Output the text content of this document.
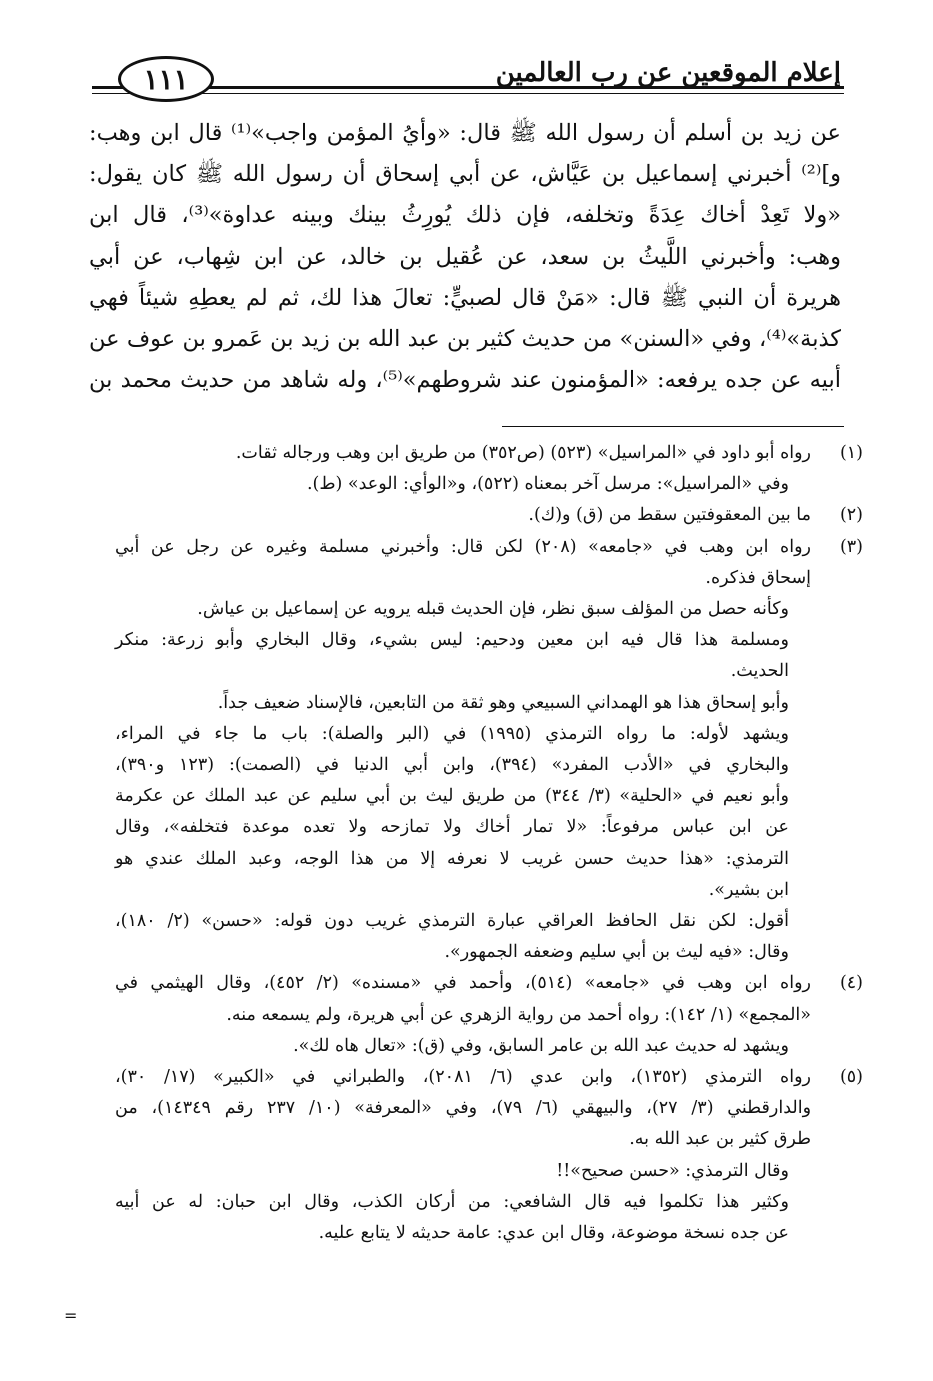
إعلام الموقعين عن رب العالمين
١١١
عن زيد بن أسلم أن رسول الله ﷺ قال: «وأيُ المؤمن واجب»⁽¹⁾ قال ابن وهب:
و]⁽²⁾ أخبرني إسماعيل بن عَيَّاش، عن أبي إسحاق أن رسول الله ﷺ كان يقول:
«ولا تَعِدْ أخاك عِدَةً وتخلفه، فإن ذلك يُورِثُ بينك وبينه عداوة»⁽³⁾، قال ابن
وهب: وأخبرني اللَّيثُ بن سعد، عن عُقيل بن خالد، عن ابن شِهاب، عن أبي
هريرة أن النبي ﷺ قال: «مَنْ قال لصبيٍّ: تعالَ هذا لك، ثم لم يعطِهِ شيئاً فهي
كذبة»⁽⁴⁾، وفي «السنن» من حديث كثير بن عبد الله بن زيد بن عَمرو بن عوف عن
أبيه عن جده يرفعه: «المؤمنون عند شروطهم»⁽⁵⁾، وله شاهد من حديث محمد بن
(١)
رواه أبو داود في «المراسيل» (٥٢٣) (ص٣٥٢) من طريق ابن وهب ورجاله ثقات.
وفي «المراسيل»: مرسل آخر بمعناه (٥٢٢)، و«الوأي: الوعد» (ط).
(٢)
ما بين المعقوفتين سقط من (ق) و(ك).
(٣)
رواه ابن وهب في «جامعه» (٢٠٨) لكن قال: وأخبرني مسلمة وغيره عن رجل عن أبي
إسحاق فذكره.
وكأنه حصل من المؤلف سبق نظر، فإن الحديث قبله يرويه عن إسماعيل بن عياش.
ومسلمة هذا قال فيه ابن معين ودحيم: ليس بشيء، وقال البخاري وأبو زرعة: منكر
الحديث.
وأبو إسحاق هذا هو الهمداني السبيعي وهو ثقة من التابعين، فالإسناد ضعيف جداً.
ويشهد لأوله: ما رواه الترمذي (١٩٩٥) في (البر والصلة): باب ما جاء في المراء،
والبخاري في «الأدب المفرد» (٣٩٤)، وابن أبي الدنيا في (الصمت): (١٢٣ و٣٩٠)،
وأبو نعيم في «الحلية» (٣/ ٣٤٤) من طريق ليث بن أبي سليم عن عبد الملك عن عكرمة
عن ابن عباس مرفوعاً: «لا تمار أخاك ولا تمازحه ولا تعده موعدة فتخلفه»، وقال
الترمذي: «هذا حديث حسن غريب لا نعرفه إلا من هذا الوجه، وعبد الملك عندي هو
ابن بشير».
أقول: لكن نقل الحافظ العراقي عبارة الترمذي غريب دون قوله: «حسن» (٢/ ١٨٠)،
وقال: «فيه ليث بن أبي سليم وضعفه الجمهور».
(٤)
رواه ابن وهب في «جامعه» (٥١٤)، وأحمد في «مسنده» (٢/ ٤٥٢)، وقال الهيثمي في
«المجمع» (١/ ١٤٢): رواه أحمد من رواية الزهري عن أبي هريرة، ولم يسمعه منه.
ويشهد له حديث عبد الله بن عامر السابق، وفي (ق): «تعال هاه لك».
(٥)
رواه الترمذي (١٣٥٢)، وابن عدي (٦/ ٢٠٨١)، والطبراني في «الكبير» (١٧/ ٣٠)،
والدارقطني (٣/ ٢٧)، والبيهقي (٦/ ٧٩)، وفي «المعرفة» (١٠/ ٢٣٧ رقم ١٤٣٤٩)، من
طرق كثير بن عبد الله به.
وقال الترمذي: «حسن صحيح»!!
وكثير هذا تكلموا فيه قال الشافعي: من أركان الكذب، وقال ابن حبان: له عن أبيه
عن جده نسخة موضوعة، وقال ابن عدي: عامة حديثه لا يتابع عليه.
=
